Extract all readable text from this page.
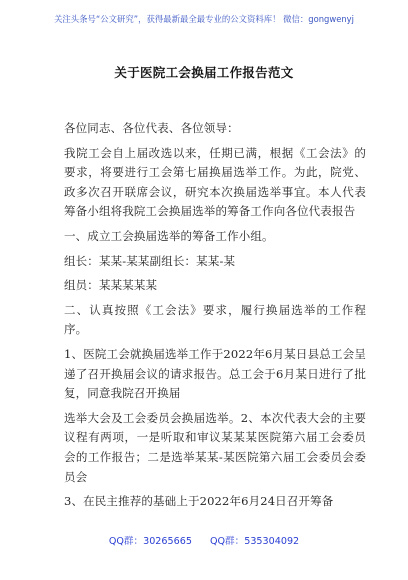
关注头条号“公文研究”，获得最新最全最专业的公文资料库！ 微信：gongwenyj
关于医院工会换届工作报告范文

各位同志、各位代表、各位领导：

我院工会自上届改选以来，任期已满，根据《工会法》的要求，将要进行工会第七届换届选举工作。为此，院党、政多次召开联席会议，研究本次换届选举事宜。本人代表筹备小组将我院工会换届选举的筹备工作向各位代表报告

一、成立工会换届选举的筹备工作小组。

组长：某某-某某副组长：某某-某

组员：某某某某某

二、认真按照《工会法》要求，履行换届选举的工作程序。

1、医院工会就换届选举工作于2022年6月某日县总工会呈递了召开换届会议的请求报告。总工会于6月某日进行了批复，同意我院召开换届

选举大会及工会委员会换届选举。2、本次代表大会的主要议程有两项，一是听取和审议某某某医院第六届工会委员会的工作报告；二是选举某某-某医院第六届工会委员会委员会

3、在民主推荐的基础上于2022年6月24日召开筹备

QQ群：30265665 QQ群：535304092
